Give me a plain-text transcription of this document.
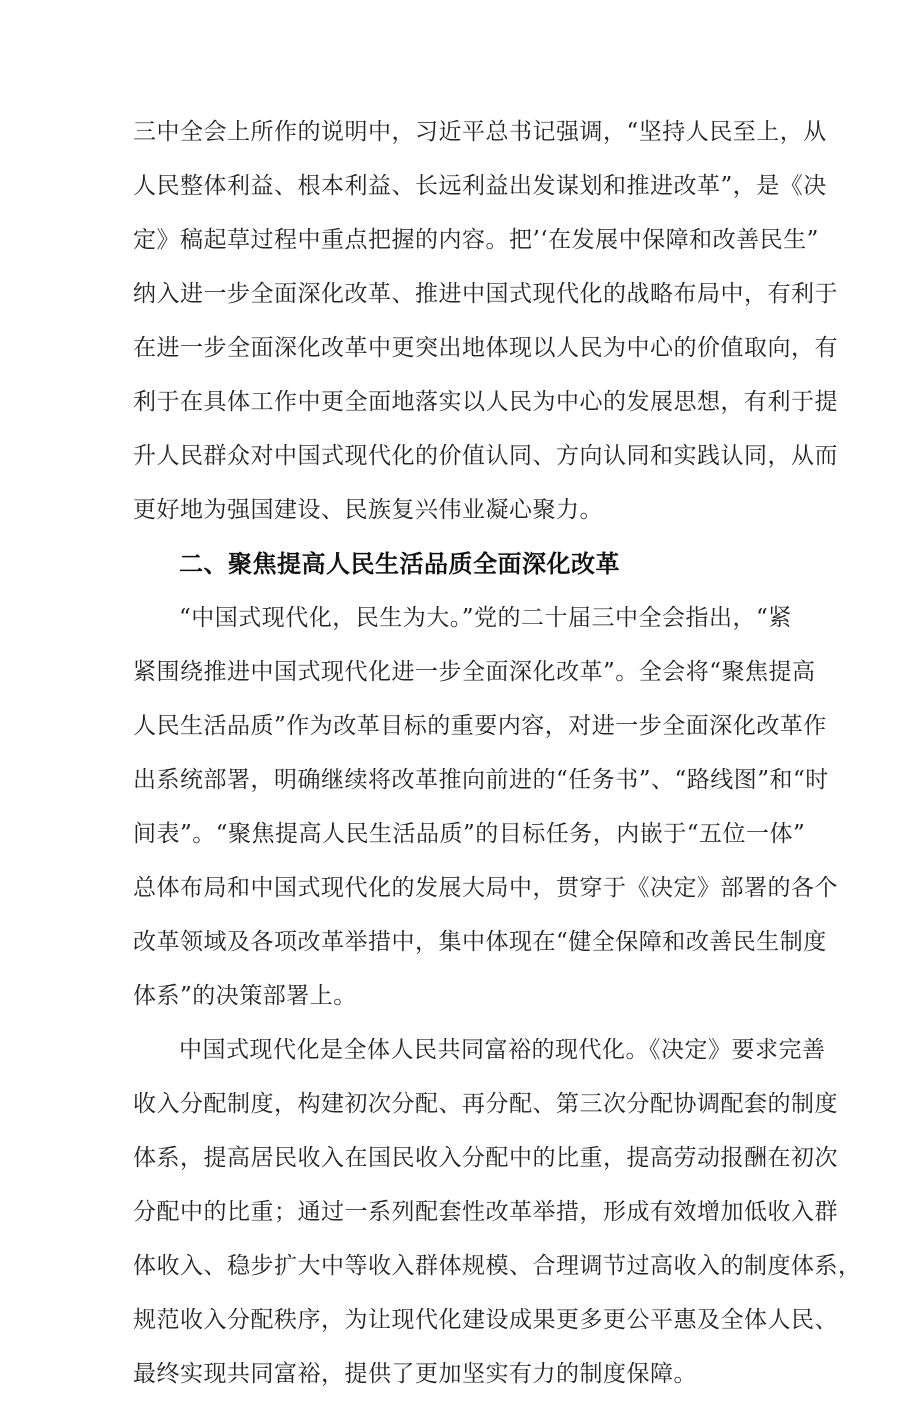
三中全会上所作的说明中，习近平总书记强调，“坚持人民至上，从
人民整体利益、根本利益、长远利益出发谋划和推进改革”，是《决
定》稿起草过程中重点把握的内容。把’‘在发展中保障和改善民生”
纳入进一步全面深化改革、推进中国式现代化的战略布局中，有利于
在进一步全面深化改革中更突出地体现以人民为中心的价值取向，有
利于在具体工作中更全面地落实以人民为中心的发展思想，有利于提
升人民群众对中国式现代化的价值认同、方向认同和实践认同，从而
更好地为强国建设、民族复兴伟业凝心聚力。
二、聚焦提高人民生活品质全面深化改革
“中国式现代化，民生为大。”党的二十届三中全会指出，“紧
紧围绕推进中国式现代化进一步全面深化改革”。全会将“聚焦提高
人民生活品质”作为改革目标的重要内容，对进一步全面深化改革作
出系统部署，明确继续将改革推向前进的“任务书”、“路线图”和“时
间表”。“聚焦提高人民生活品质”的目标任务，内嵌于“五位一体”
总体布局和中国式现代化的发展大局中，贯穿于《决定》部署的各个
改革领域及各项改革举措中，集中体现在“健全保障和改善民生制度
体系”的决策部署上。
中国式现代化是全体人民共同富裕的现代化。《决定》要求完善
收入分配制度，构建初次分配、再分配、第三次分配协调配套的制度
体系，提高居民收入在国民收入分配中的比重，提高劳动报酬在初次
分配中的比重；通过一系列配套性改革举措，形成有效增加低收入群
体收入、稳步扩大中等收入群体规模、合理调节过高收入的制度体系，
规范收入分配秩序，为让现代化建设成果更多更公平惠及全体人民、
最终实现共同富裕，提供了更加坚实有力的制度保障。
